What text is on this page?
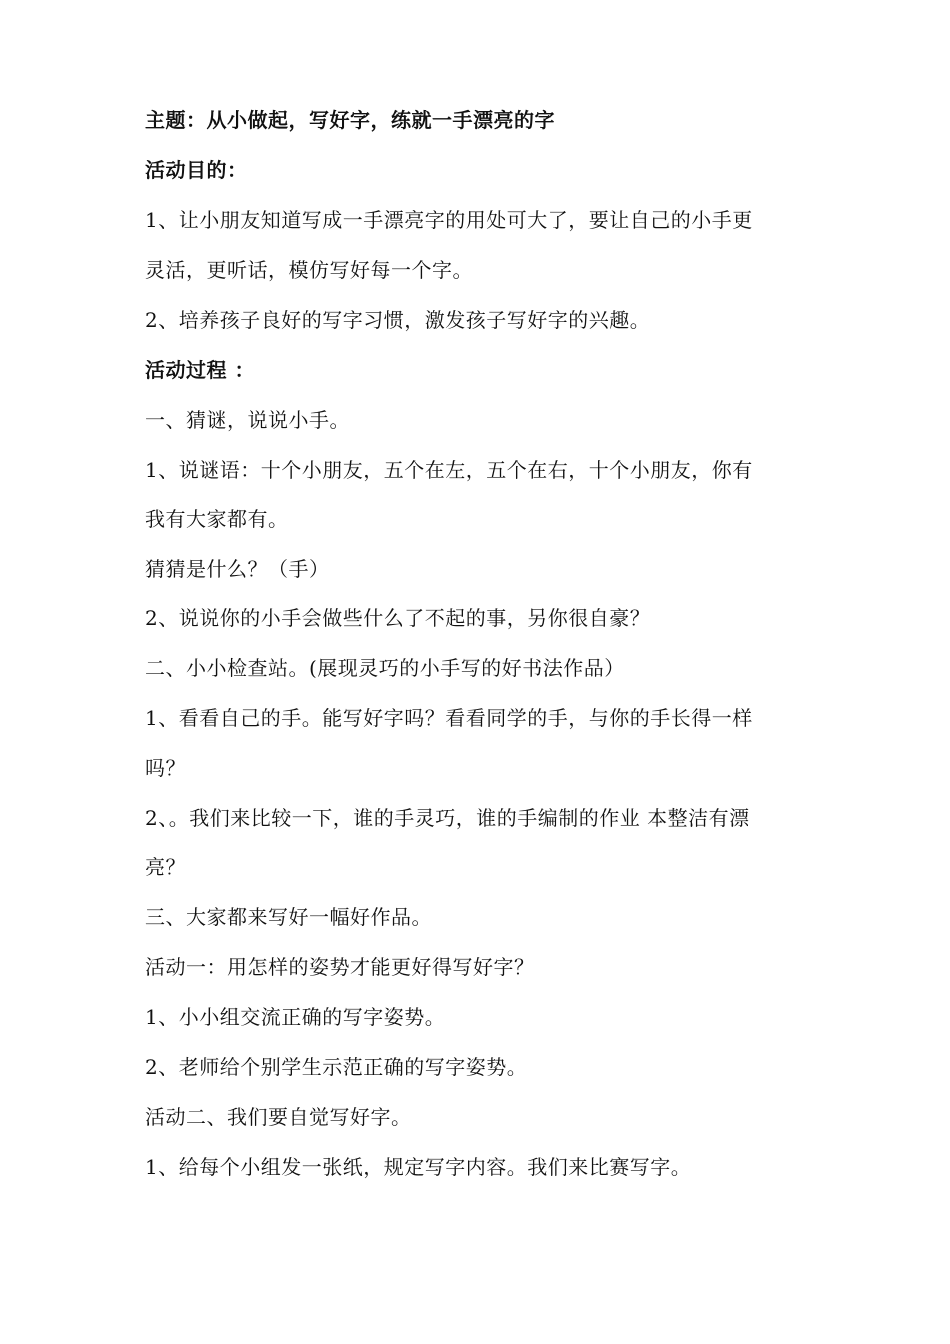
主题：从小做起，写好字，练就一手漂亮的字
活动目的：
1、让小朋友知道写成一手漂亮字的用处可大了，要让自己的小手更
灵活，更听话，模仿写好每一个字。
2、培养孩子良好的写字习惯，激发孩子写好字的兴趣。
活动过程 ：
一、猜谜，说说小手。
1、说谜语：十个小朋友，五个在左，五个在右，十个小朋友，你有
我有大家都有。
猜猜是什么？（手）
2、说说你的小手会做些什么了不起的事，另你很自豪？
二、小小检查站。(展现灵巧的小手写的好书法作品）
1、看看自己的手。能写好字吗？看看同学的手，与你的手长得一样
吗？
2、。我们来比较一下，谁的手灵巧，谁的手编制的作业 本整洁有漂
亮？
三、大家都来写好一幅好作品。
活动一：用怎样的姿势才能更好得写好字？
1、小小组交流正确的写字姿势。
2、老师给个别学生示范正确的写字姿势。
活动二、我们要自觉写好字。
1、给每个小组发一张纸，规定写字内容。我们来比赛写字。
